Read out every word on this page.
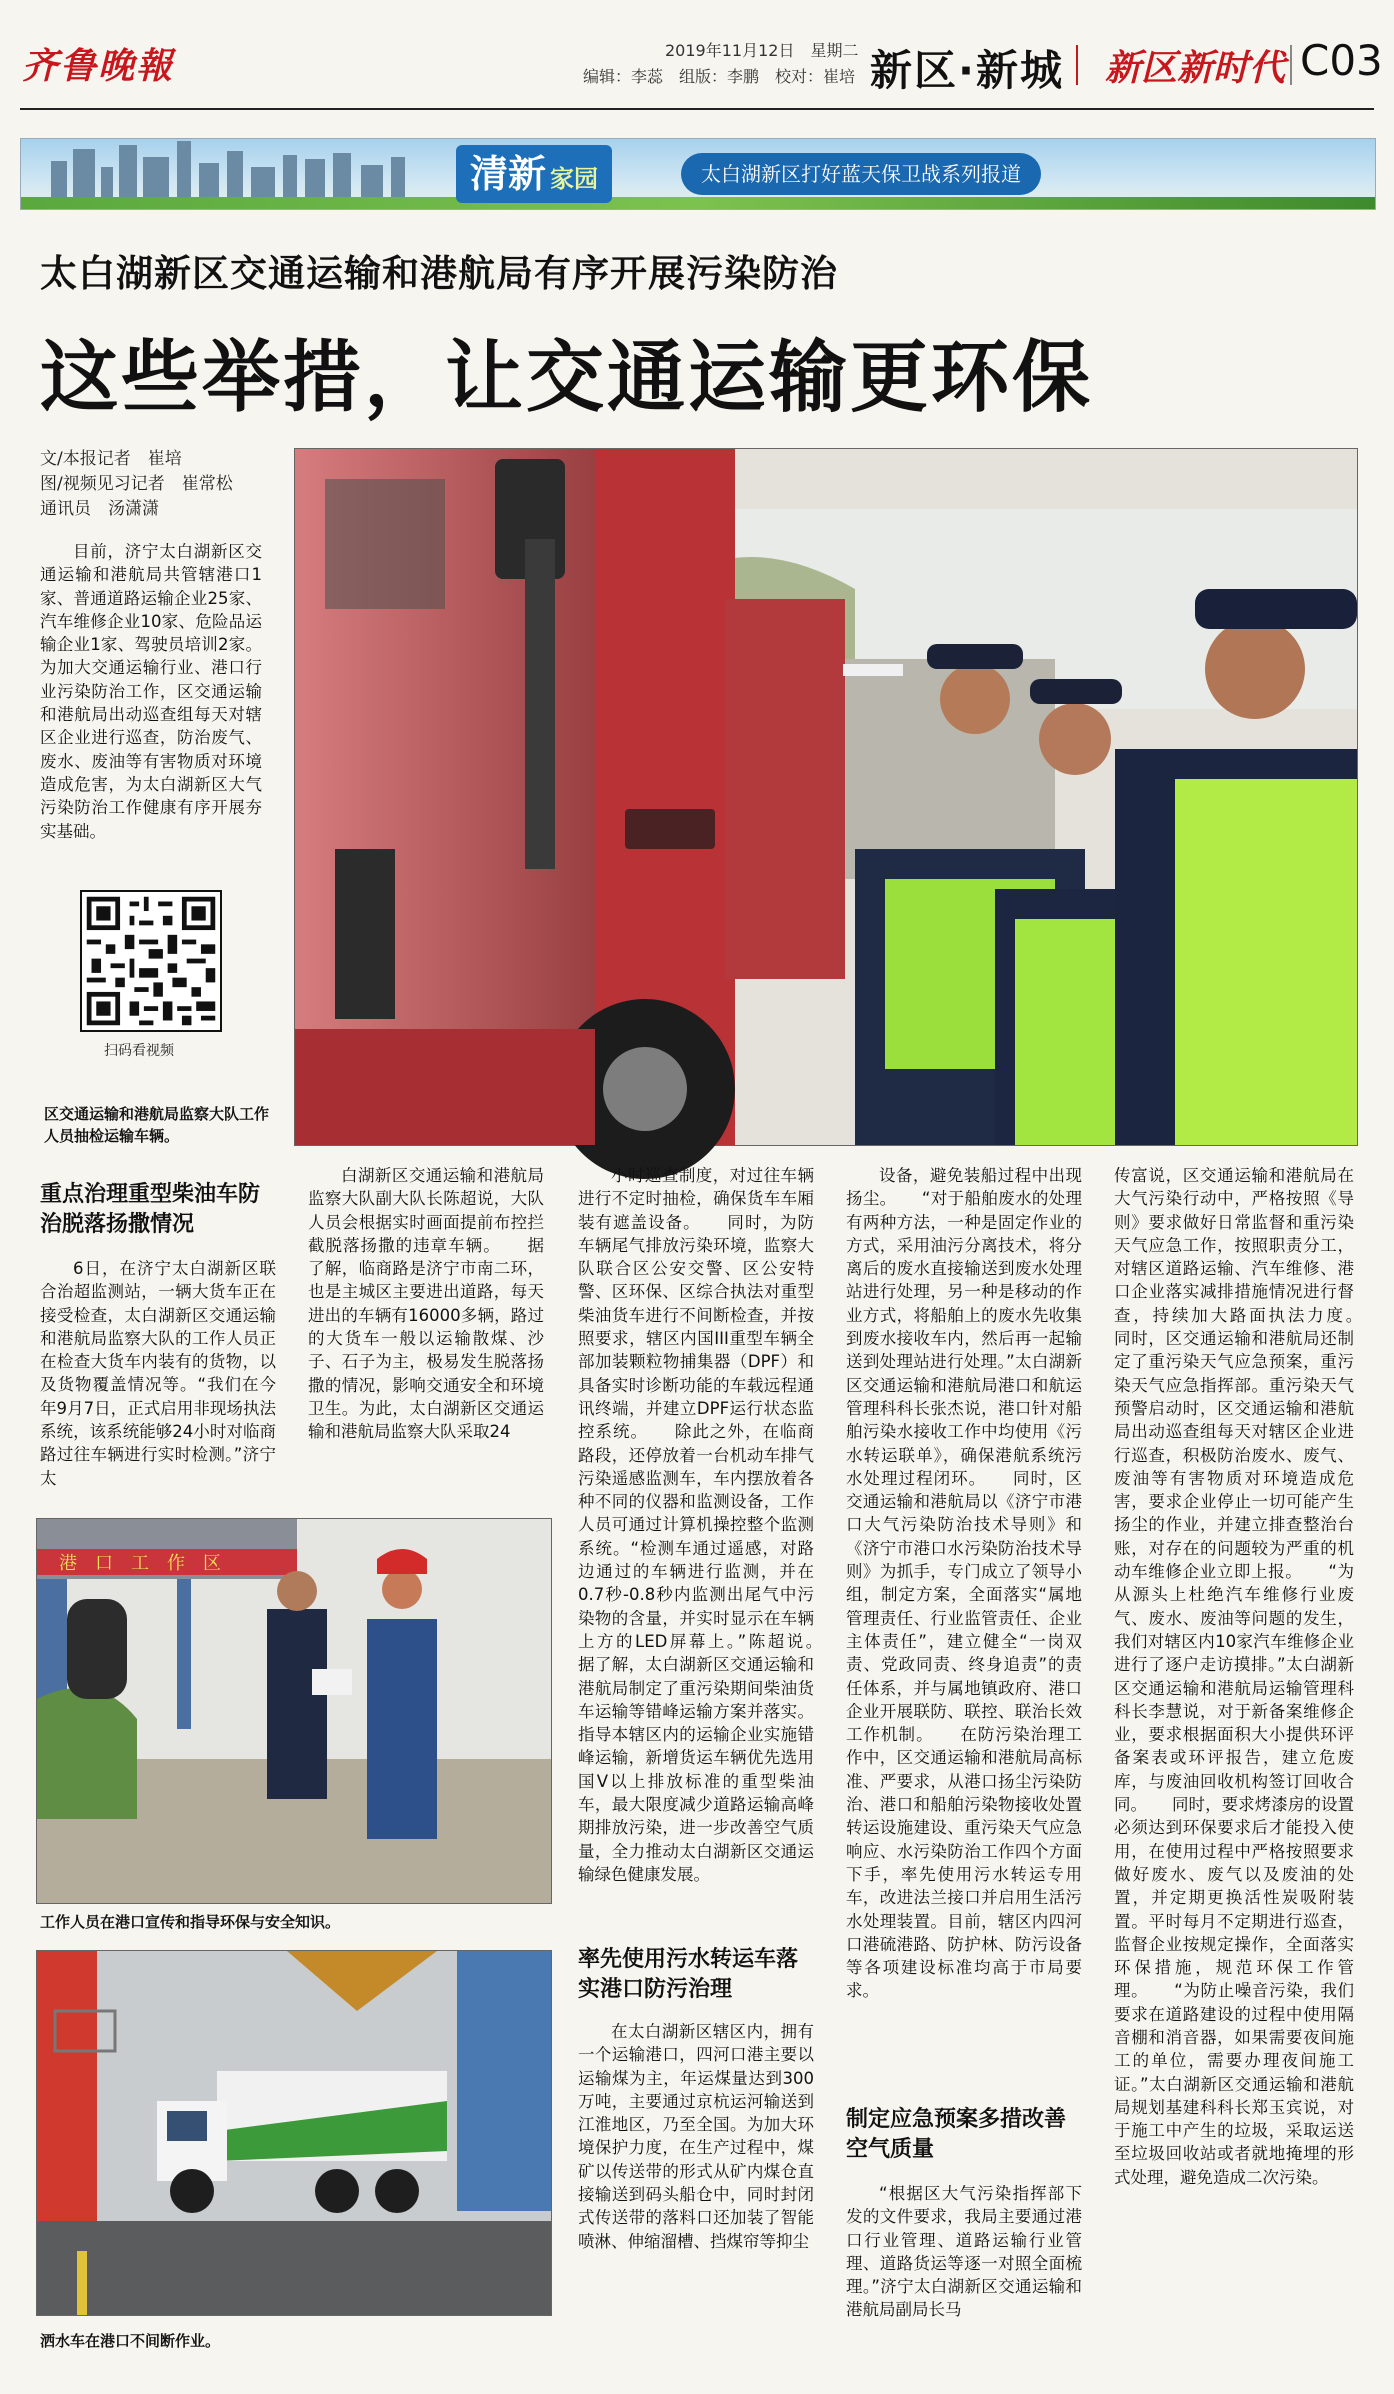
齐鲁晚報	2019年11月12日　星期二
编辑：李蕊　组版：李鹏　校对：崔培 新区·新城 新区新时代 C03
清新 家园	太白湖新区打好蓝天保卫战系列报道
太白湖新区交通运输和港航局有序开展污染防治
这些举措，让交通运输更环保
文/本报记者　崔培
图/视频见习记者　崔常松
通讯员　汤潇潇

目前，济宁太白湖新区交通运输和港航局共管辖港口1家、普通道路运输企业25家、汽车维修企业10家、危险品运输企业1家、驾驶员培训2家。为加大交通运输行业、港口行业污染防治工作，区交通运输和港航局出动巡查组每天对辖区企业进行巡查，防治废气、废水、废油等有害物质对环境造成危害，为太白湖新区大气污染防治工作健康有序开展夯实基础。

扫码看视频
区交通运输和港航局监察大队工作人员抽检运输车辆。
重点治理重型柴油车防治脱落扬撒情况

6日，在济宁太白湖新区联合治超监测站，一辆大货车正在接受检查，太白湖新区交通运输和港航局监察大队的工作人员正在检查大货车内装有的货物，以及货物覆盖情况等。“我们在今年9月7日，正式启用非现场执法系统，该系统能够24小时对临商路过往车辆进行实时检测。”济宁太

白湖新区交通运输和港航局监察大队副大队长陈超说，大队人员会根据实时画面提前布控拦截脱落扬撒的违章车辆。　　据了解，临商路是济宁市南二环，也是主城区主要进出道路，每天进出的车辆有16000多辆，路过的大货车一般以运输散煤、沙子、石子为主，极易发生脱落扬撒的情况，影响交通安全和环境卫生。为此，太白湖新区交通运输和港航局监察大队采取24

港　口　工　作　区
工作人员在港口宣传和指导环保与安全知识。
洒水车在港口不间断作业。

小时巡查制度，对过往车辆进行不定时抽检，确保货车车厢装有遮盖设备。　　同时，为防车辆尾气排放污染环境，监察大队联合区公安交警、区公安特警、区环保、区综合执法对重型柴油货车进行不间断检查，并按照要求，辖区内国III重型车辆全部加装颗粒物捕集器（DPF）和具备实时诊断功能的车载远程通讯终端，并建立DPF运行状态监控系统。　　除此之外，在临商路段，还停放着一台机动车排气污染遥感监测车，车内摆放着各种不同的仪器和监测设备，工作人员可通过计算机操控整个监测系统。“检测车通过遥感，对路边通过的车辆进行监测，并在0.7秒-0.8秒内监测出尾气中污染物的含量，并实时显示在车辆上方的LED屏幕上。”陈超说。　　据了解，太白湖新区交通运输和港航局制定了重污染期间柴油货车运输等错峰运输方案并落实。指导本辖区内的运输企业实施错峰运输，新增货运车辆优先选用国V以上排放标准的重型柴油车，最大限度减少道路运输高峰期排放污染，进一步改善空气质量，全力推动太白湖新区交通运输绿色健康发展。

率先使用污水转运车落实港口防污治理

在太白湖新区辖区内，拥有一个运输港口，四河口港主要以运输煤为主，年运煤量达到300万吨，主要通过京杭运河输送到江淮地区，乃至全国。为加大环境保护力度，在生产过程中，煤矿以传送带的形式从矿内煤仓直接输送到码头船仓中，同时封闭式传送带的落料口还加装了智能喷淋、伸缩溜槽、挡煤帘等抑尘

设备，避免装船过程中出现扬尘。　　“对于船舶废水的处理有两种方法，一种是固定作业的方式，采用油污分离技术，将分离后的废水直接输送到废水处理站进行处理，另一种是移动的作业方式，将船舶上的废水先收集到废水接收车内，然后再一起输送到处理站进行处理。”太白湖新区交通运输和港航局港口和航运管理科科长张杰说，港口针对船舶污染水接收工作中均使用《污水转运联单》，确保港航系统污水处理过程闭环。　　同时，区交通运输和港航局以《济宁市港口大气污染防治技术导则》和《济宁市港口水污染防治技术导则》为抓手，专门成立了领导小组，制定方案，全面落实“属地管理责任、行业监管责任、企业主体责任”，建立健全“一岗双责、党政同责、终身追责”的责任体系，并与属地镇政府、港口企业开展联防、联控、联治长效工作机制。　　在防污染治理工作中，区交通运输和港航局高标准、严要求，从港口扬尘污染防治、港口和船舶污染物接收处置转运设施建设、重污染天气应急响应、水污染防治工作四个方面下手，率先使用污水转运专用车，改进法兰接口并启用生活污水处理装置。目前，辖区内四河口港硫港路、防护林、防污设备等各项建设标准均高于市局要求。

制定应急预案多措改善空气质量

“根据区大气污染指挥部下发的文件要求，我局主要通过港口行业管理、道路运输行业管理、道路货运等逐一对照全面梳理。”济宁太白湖新区交通运输和港航局副局长马

传富说，区交通运输和港航局在大气污染行动中，严格按照《导则》要求做好日常监督和重污染天气应急工作，按照职责分工，对辖区道路运输、汽车维修、港口企业落实减排措施情况进行督查，持续加大路面执法力度。　　同时，区交通运输和港航局还制定了重污染天气应急预案，重污染天气应急指挥部。重污染天气预警启动时，区交通运输和港航局出动巡查组每天对辖区企业进行巡查，积极防治废水、废气、废油等有害物质对环境造成危害，要求企业停止一切可能产生扬尘的作业，并建立排查整治台账，对存在的问题较为严重的机动车维修企业立即上报。　　“为从源头上杜绝汽车维修行业废气、废水、废油等问题的发生，我们对辖区内10家汽车维修企业进行了逐户走访摸排。”太白湖新区交通运输和港航局运输管理科科长李慧说，对于新备案维修企业，要求根据面积大小提供环评备案表或环评报告，建立危废库，与废油回收机构签订回收合同。　　同时，要求烤漆房的设置必须达到环保要求后才能投入使用，在使用过程中严格按照要求做好废水、废气以及废油的处置，并定期更换活性炭吸附装置。平时每月不定期进行巡查，监督企业按规定操作，全面落实环保措施，规范环保工作管理。　　“为防止噪音污染，我们要求在道路建设的过程中使用隔音棚和消音器，如果需要夜间施工的单位，需要办理夜间施工证。”太白湖新区交通运输和港航局规划基建科科长郑玉宾说，对于施工中产生的垃圾，采取运送至垃圾回收站或者就地掩埋的形式处理，避免造成二次污染。
